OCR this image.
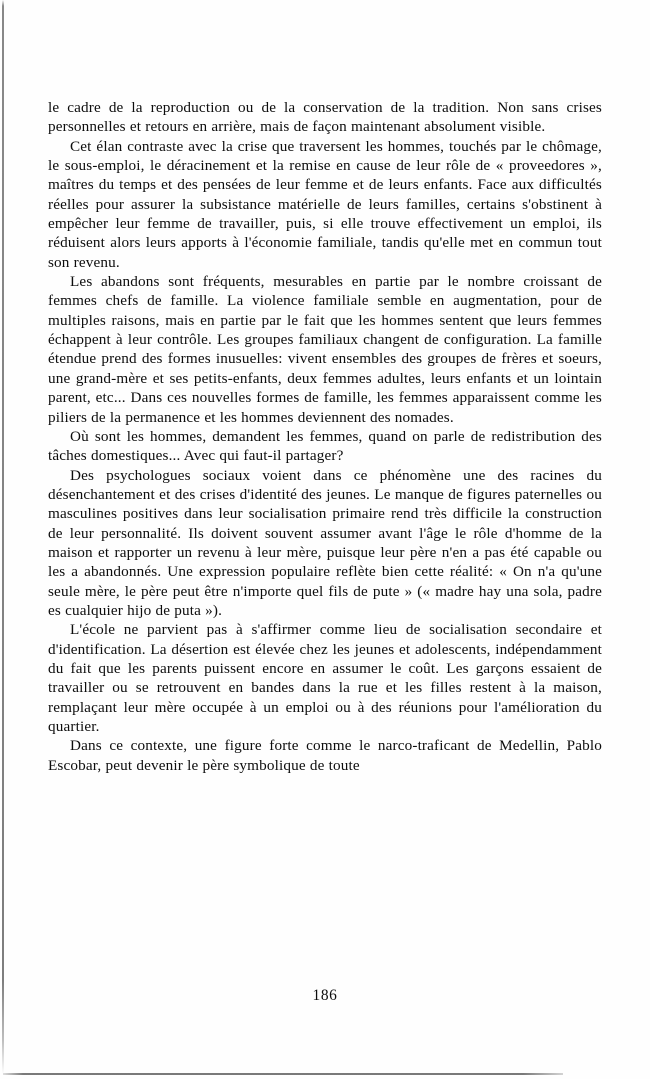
le cadre de la reproduction ou de la conservation de la tradition. Non sans crises personnelles et retours en arrière, mais de façon maintenant absolument visible.

Cet élan contraste avec la crise que traversent les hommes, touchés par le chômage, le sous-emploi, le déracinement et la remise en cause de leur rôle de « proveedores », maîtres du temps et des pensées de leur femme et de leurs enfants. Face aux difficultés réelles pour assurer la subsistance matérielle de leurs familles, certains s'obstinent à empêcher leur femme de travailler, puis, si elle trouve effectivement un emploi, ils réduisent alors leurs apports à l'économie familiale, tandis qu'elle met en commun tout son revenu.

Les abandons sont fréquents, mesurables en partie par le nombre croissant de femmes chefs de famille. La violence familiale semble en augmentation, pour de multiples raisons, mais en partie par le fait que les hommes sentent que leurs femmes échappent à leur contrôle. Les groupes familiaux changent de configuration. La famille étendue prend des formes inusuelles: vivent ensembles des groupes de frères et soeurs, une grand-mère et ses petits-enfants, deux femmes adultes, leurs enfants et un lointain parent, etc... Dans ces nouvelles formes de famille, les femmes apparaissent comme les piliers de la permanence et les hommes deviennent des nomades.

Où sont les hommes, demandent les femmes, quand on parle de redistribution des tâches domestiques... Avec qui faut-il partager?

Des psychologues sociaux voient dans ce phénomène une des racines du désenchantement et des crises d'identité des jeunes. Le manque de figures paternelles ou masculines positives dans leur socialisation primaire rend très difficile la construction de leur personnalité. Ils doivent souvent assumer avant l'âge le rôle d'homme de la maison et rapporter un revenu à leur mère, puisque leur père n'en a pas été capable ou les a abandonnés. Une expression populaire reflète bien cette réalité: « On n'a qu'une seule mère, le père peut être n'importe quel fils de pute » (« madre hay una sola, padre es cualquier hijo de puta »).

L'école ne parvient pas à s'affirmer comme lieu de socialisation secondaire et d'identification. La désertion est élevée chez les jeunes et adolescents, indépendamment du fait que les parents puissent encore en assumer le coût. Les garçons essaient de travailler ou se retrouvent en bandes dans la rue et les filles restent à la maison, remplaçant leur mère occupée à un emploi ou à des réunions pour l'amélioration du quartier.

Dans ce contexte, une figure forte comme le narco-traficant de Medellin, Pablo Escobar, peut devenir le père symbolique de toute

186
